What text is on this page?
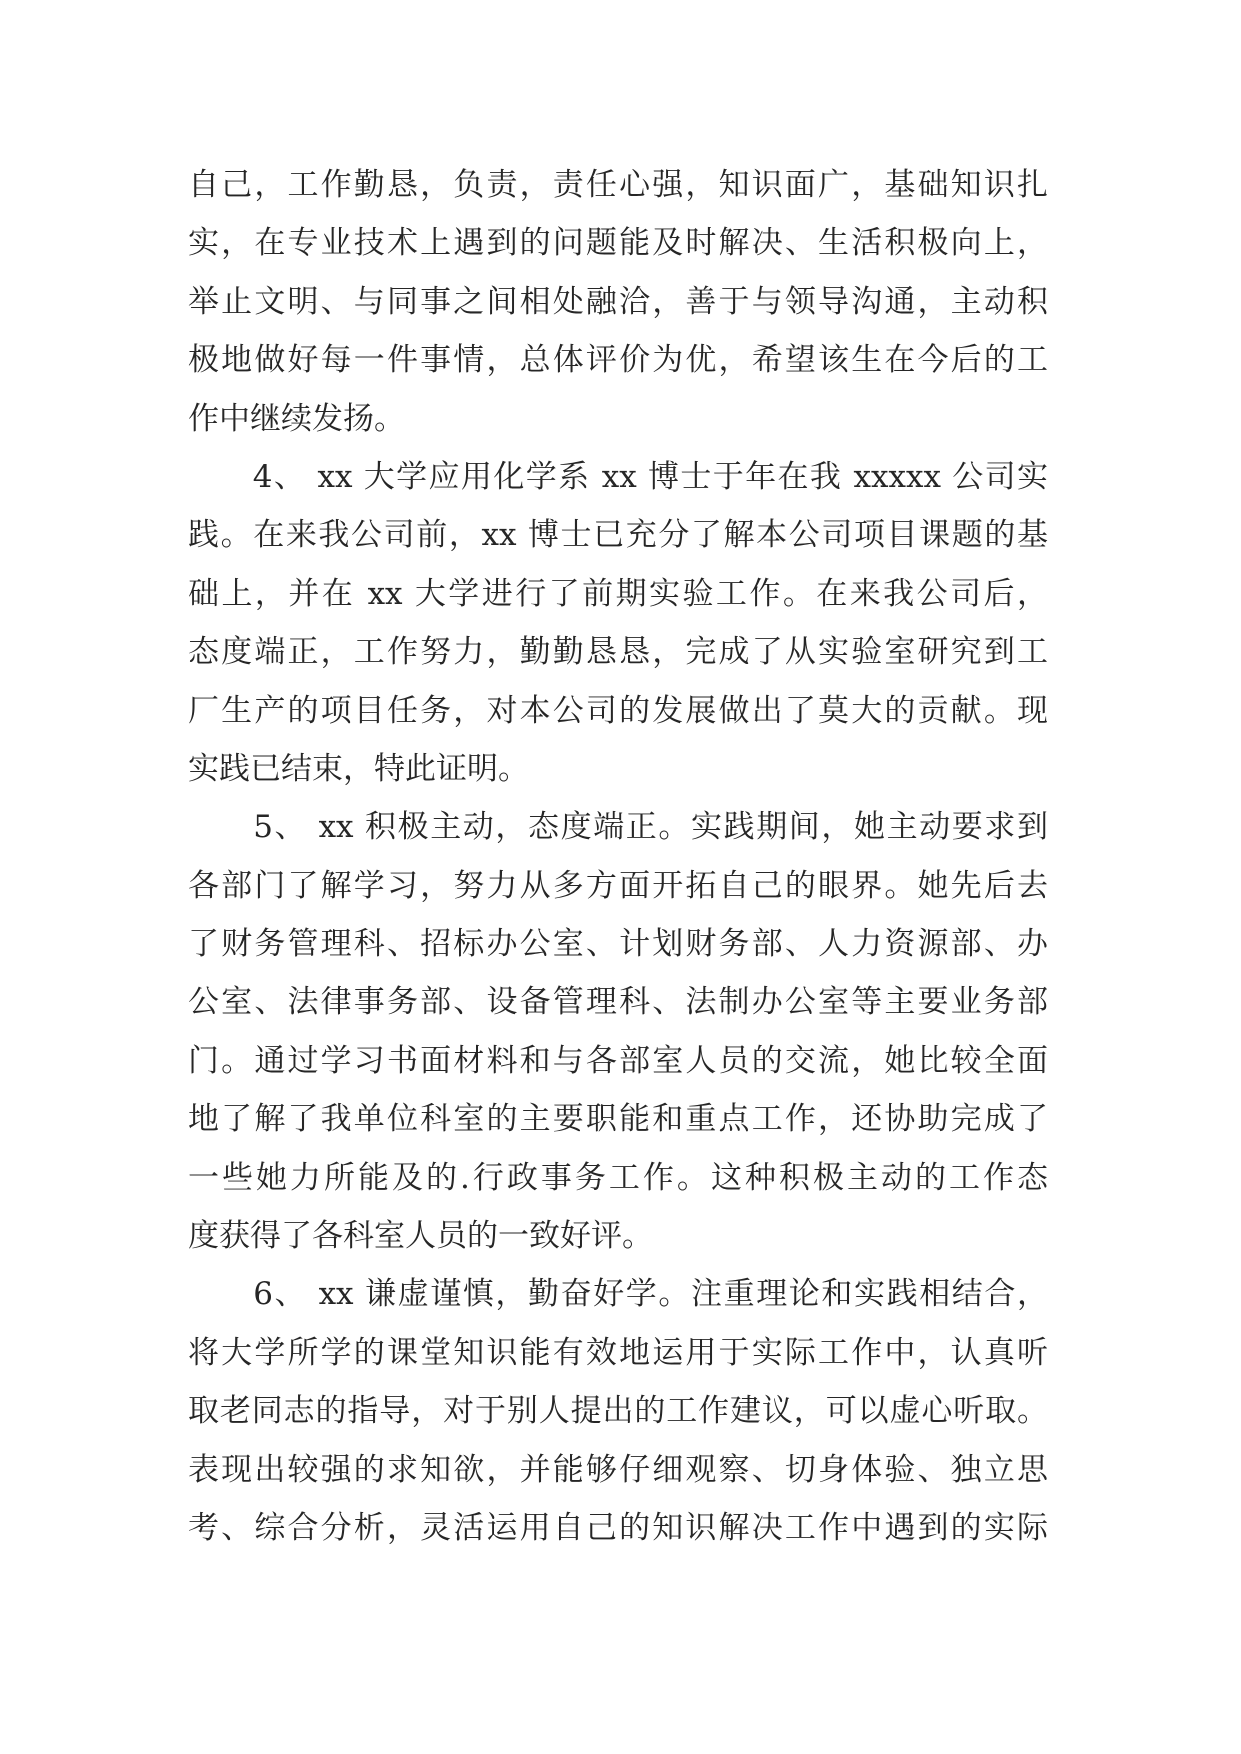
自己，工作勤恳，负责，责任心强，知识面广，基础知识扎
实，在专业技术上遇到的问题能及时解决、生活积极向上，
举止文明、与同事之间相处融洽，善于与领导沟通，主动积
极地做好每一件事情，总体评价为优，希望该生在今后的工
作中继续发扬。
　　4、 xx 大学应用化学系 xx 博士于年在我 xxxxx 公司实
践。在来我公司前，xx 博士已充分了解本公司项目课题的基
础上，并在 xx 大学进行了前期实验工作。在来我公司后，
态度端正，工作努力，勤勤恳恳，完成了从实验室研究到工
厂生产的项目任务，对本公司的发展做出了莫大的贡献。现
实践已结束，特此证明。
　　5、 xx 积极主动，态度端正。实践期间，她主动要求到
各部门了解学习，努力从多方面开拓自己的眼界。她先后去
了财务管理科、招标办公室、计划财务部、人力资源部、办
公室、法律事务部、设备管理科、法制办公室等主要业务部
门。通过学习书面材料和与各部室人员的交流，她比较全面
地了解了我单位科室的主要职能和重点工作，还协助完成了
一些她力所能及的.行政事务工作。这种积极主动的工作态
度获得了各科室人员的一致好评。
　　6、 xx 谦虚谨慎，勤奋好学。注重理论和实践相结合，
将大学所学的课堂知识能有效地运用于实际工作中，认真听
取老同志的指导，对于别人提出的工作建议，可以虚心听取。
表现出较强的求知欲，并能够仔细观察、切身体验、独立思
考、综合分析，灵活运用自己的知识解决工作中遇到的实际
